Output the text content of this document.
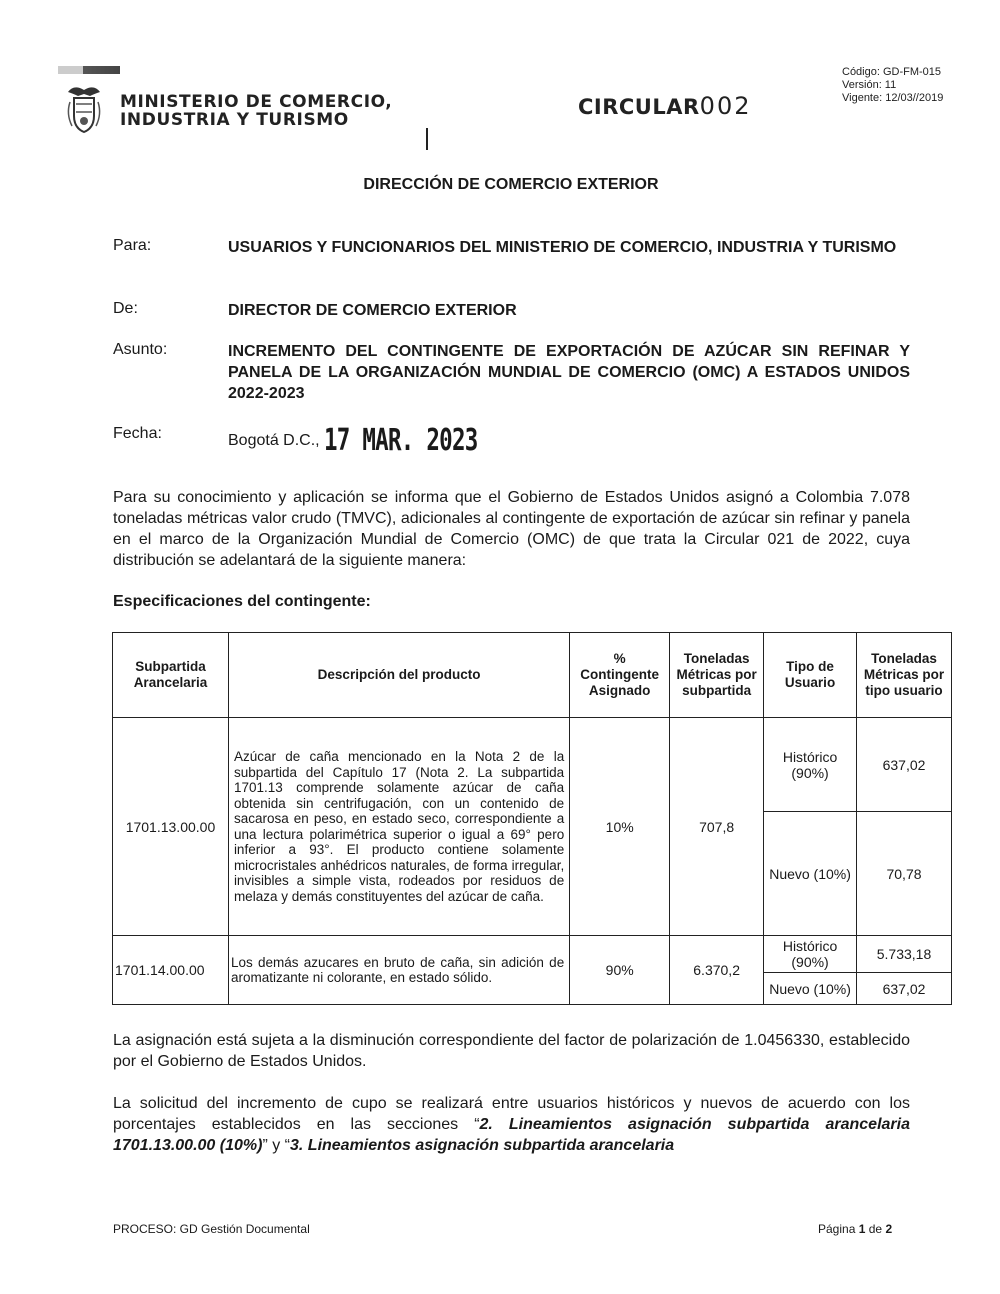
MINISTERIO DE COMERCIO,
INDUSTRIA Y TURISMO
CIRCULAR002
Código: GD-FM-015
Versión: 11
Vigente: 12/03//2019
DIRECCIÓN DE COMERCIO EXTERIOR
Para:	USUARIOS Y FUNCIONARIOS DEL MINISTERIO DE COMERCIO, INDUSTRIA Y TURISMO
De:	DIRECTOR DE COMERCIO EXTERIOR
Asunto:	INCREMENTO DEL CONTINGENTE DE EXPORTACIÓN DE AZÚCAR SIN REFINAR Y PANELA DE LA ORGANIZACIÓN MUNDIAL DE COMERCIO (OMC) A ESTADOS UNIDOS 2022-2023
Fecha:	Bogotá D.C., 17 MAR. 2023
Para su conocimiento y aplicación se informa que el Gobierno de Estados Unidos asignó a Colombia 7.078 toneladas métricas valor crudo (TMVC), adicionales al contingente de exportación de azúcar sin refinar y panela en el marco de la Organización Mundial de Comercio (OMC) de que trata la Circular 021 de 2022, cuya distribución se adelantará de la siguiente manera:
Especificaciones del contingente:
Subpartida Arancelaria	Descripción del producto	% Contingente Asignado	Toneladas Métricas por subpartida	Tipo de Usuario	Toneladas Métricas por tipo usuario
1701.13.00.00	Azúcar de caña mencionado en la Nota 2 de la subpartida del Capítulo 17 (Nota 2. La subpartida 1701.13 comprende solamente azúcar de caña obtenida sin centrifugación, con un contenido de sacarosa en peso, en estado seco, correspondiente a una lectura polarimétrica superior o igual a 69° pero inferior a 93°. El producto contiene solamente microcristales anhédricos naturales, de forma irregular, invisibles a simple vista, rodeados por residuos de melaza y demás constituyentes del azúcar de caña.	10%	707,8	Histórico (90%)	637,02
				Nuevo (10%)	70,78
1701.14.00.00	Los demás azucares en bruto de caña, sin adición de aromatizante ni colorante, en estado sólido.	90%	6.370,2	Histórico (90%)	5.733,18
				Nuevo (10%)	637,02
La asignación está sujeta a la disminución correspondiente del factor de polarización de 1.0456330, establecido por el Gobierno de Estados Unidos.
La solicitud del incremento de cupo se realizará entre usuarios históricos y nuevos de acuerdo con los porcentajes establecidos en las secciones “2. Lineamientos asignación subpartida arancelaria 1701.13.00.00 (10%)” y “3. Lineamientos asignación subpartida arancelaria
PROCESO: GD Gestión Documental	Página 1 de 2
